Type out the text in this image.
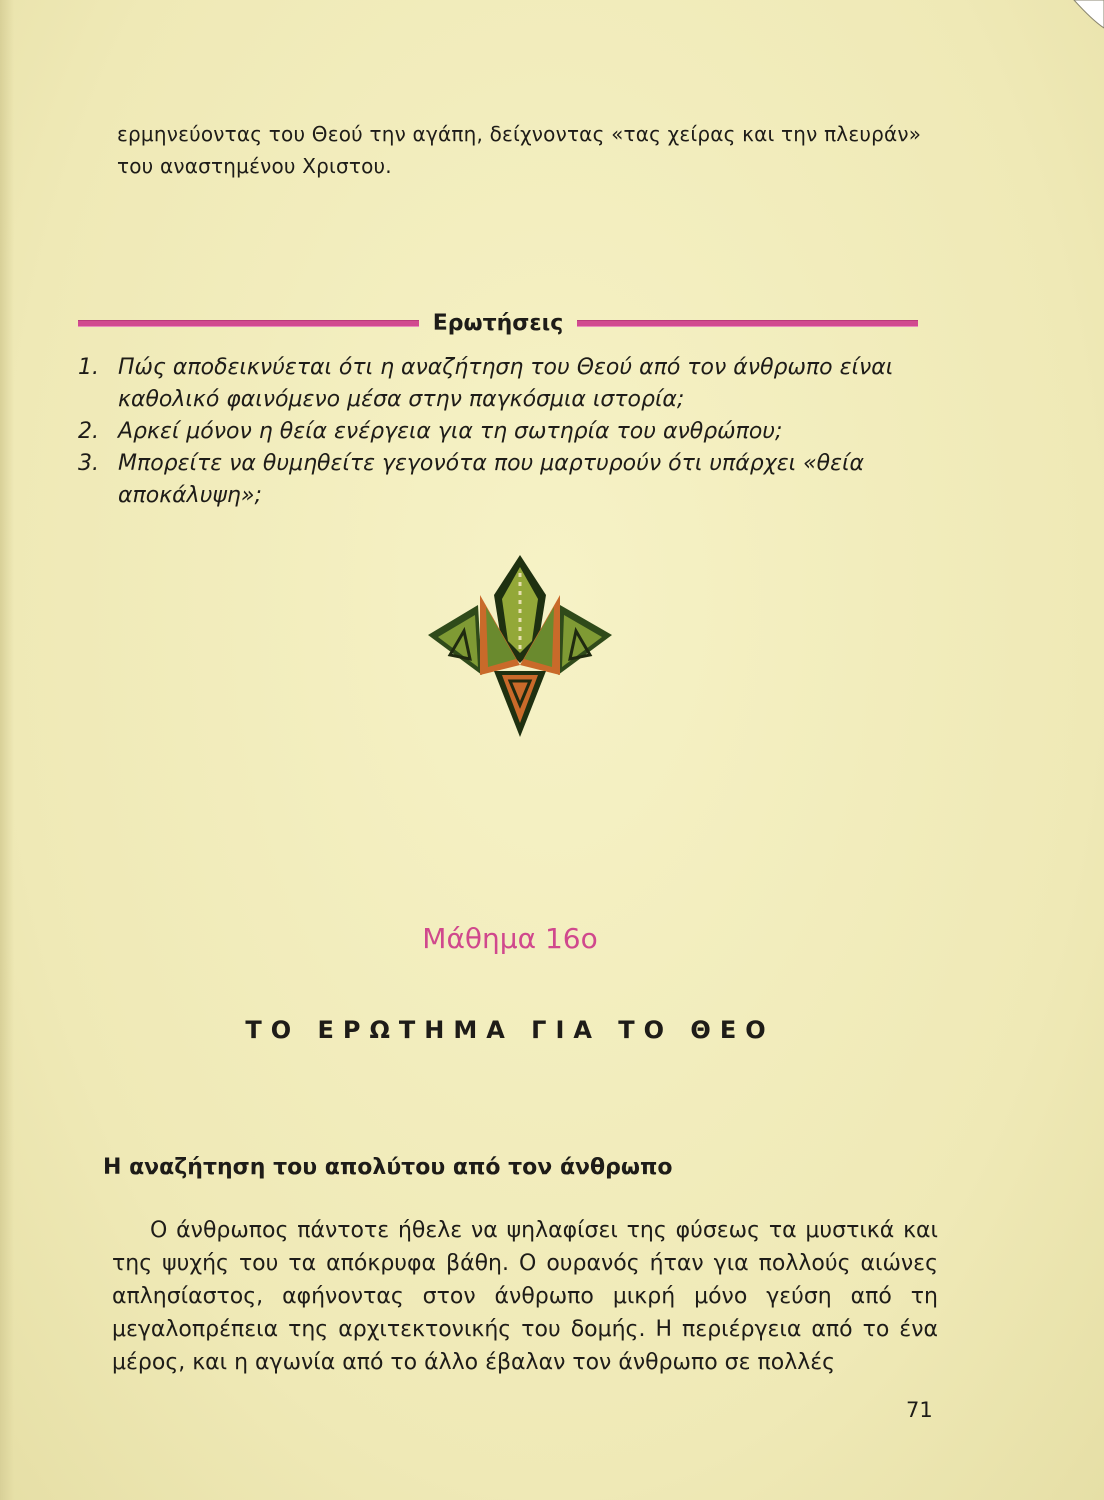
ερμηνεύοντας του Θεού την αγάπη, δείχνοντας «τας χείρας και την πλευράν» του αναστημένου Χριστου.

Ερωτήσεις
1. Πώς αποδεικνύεται ότι η αναζήτηση του Θεού από τον άνθρωπο είναι καθολικό φαινόμενο μέσα στην παγκόσμια ιστορία;
2. Αρκεί μόνον η θεία ενέργεια για τη σωτηρία του ανθρώπου;
3. Μπορείτε να θυμηθείτε γεγονότα που μαρτυρούν ότι υπάρχει «θεία αποκάλυψη»;
Μάθημα 16ο
ΤΟ ΕΡΩΤΗΜΑ ΓΙΑ ΤΟ ΘΕΟ
Η αναζήτηση του απολύτου από τον άνθρωπο

Ο άνθρωπος πάντοτε ήθελε να ψηλαφίσει της φύσεως τα μυστικά και της ψυχής του τα απόκρυφα βάθη. Ο ουρανός ήταν για πολλούς αιώνες απλησίαστος, αφήνοντας στον άνθρωπο μικρή μόνο γεύση από τη μεγαλοπρέπεια της αρχιτεκτονικής του δομής. Η περιέργεια από το ένα μέρος, και η αγωνία από το άλλο έβαλαν τον άνθρωπο σε πολλές

71
